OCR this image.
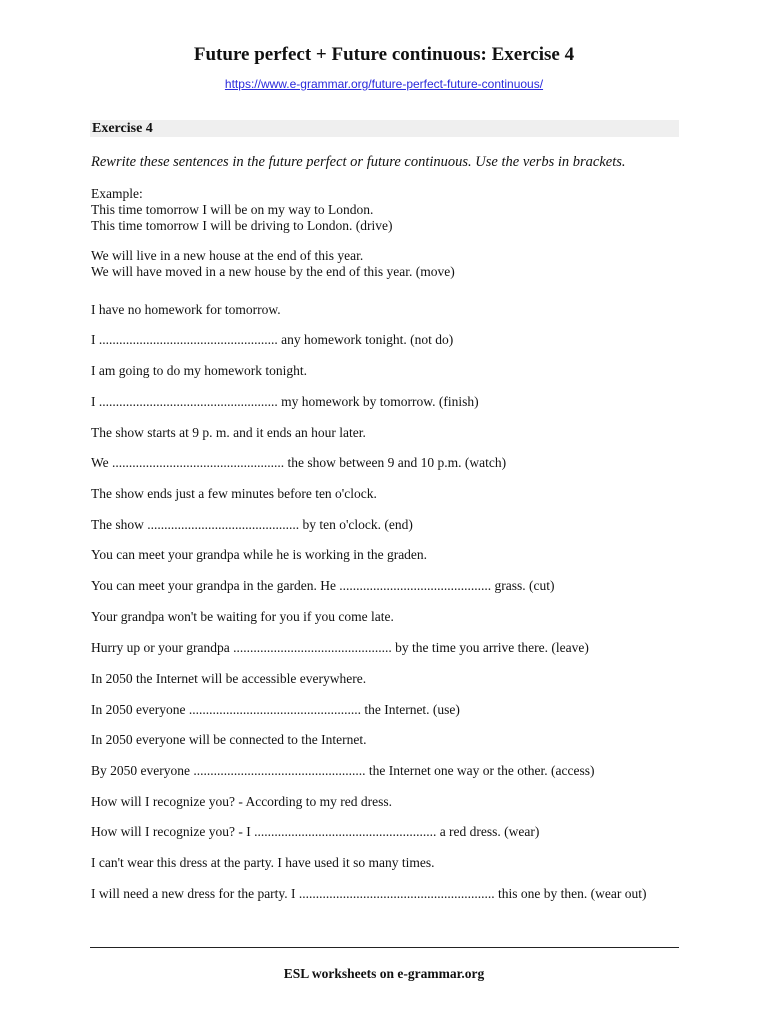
Future perfect + Future continuous: Exercise 4
https://www.e-grammar.org/future-perfect-future-continuous/
Exercise 4
Rewrite these sentences in the future perfect or future continuous. Use the verbs in brackets.
Example:
This time tomorrow I will be on my way to London.
This time tomorrow I will be driving to London. (drive)
We will live in a new house at the end of this year.
We will have moved in a new house by the end of this year. (move)
I have no homework for tomorrow.
I ..................................................... any homework tonight. (not do)
I am going to do my homework tonight.
I ..................................................... my homework by tomorrow. (finish)
The show starts at 9 p. m. and it ends an hour later.
We ................................................... the show between 9 and 10 p.m. (watch)
The show ends just a few minutes before ten o'clock.
The show ............................................. by ten o'clock. (end)
You can meet your grandpa while he is working in the graden.
You can meet your grandpa in the garden. He ............................................. grass. (cut)
Your grandpa won't be waiting for you if you come late.
Hurry up or your grandpa ............................................... by the time you arrive there. (leave)
In 2050 the Internet will be accessible everywhere.
In 2050 everyone ................................................... the Internet. (use)
In 2050 everyone will be connected to the Internet.
By 2050 everyone ................................................... the Internet one way or the other. (access)
How will I recognize you? - According to my red dress.
How will I recognize you? - I ...................................................... a red dress. (wear)
I can't wear this dress at the party. I have used it so many times.
I will need a new dress for the party. I .......................................................... this one by then. (wear out)
ESL worksheets on e-grammar.org
